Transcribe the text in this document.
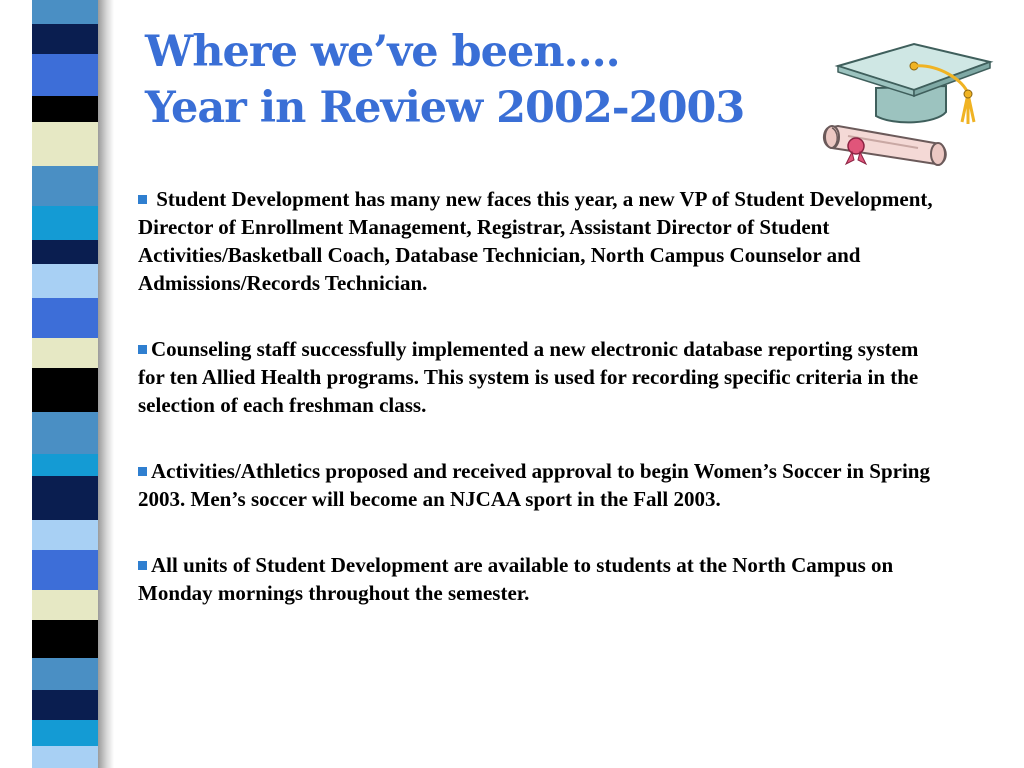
Where we’ve been….
Year in Review 2002-2003

Student Development has many new faces this year, a new VP of Student Development, Director of Enrollment Management, Registrar, Assistant Director of Student Activities/Basketball Coach, Database Technician, North Campus Counselor and Admissions/Records Technician.

Counseling staff successfully implemented a new electronic database reporting system for ten Allied Health programs. This system is used for recording specific criteria in the selection of each freshman class.

Activities/Athletics proposed and received approval to begin Women’s Soccer in Spring 2003. Men’s soccer will become an NJCAA sport in the Fall 2003.

All units of Student Development are available to students at the North Campus on Monday mornings throughout the semester.
